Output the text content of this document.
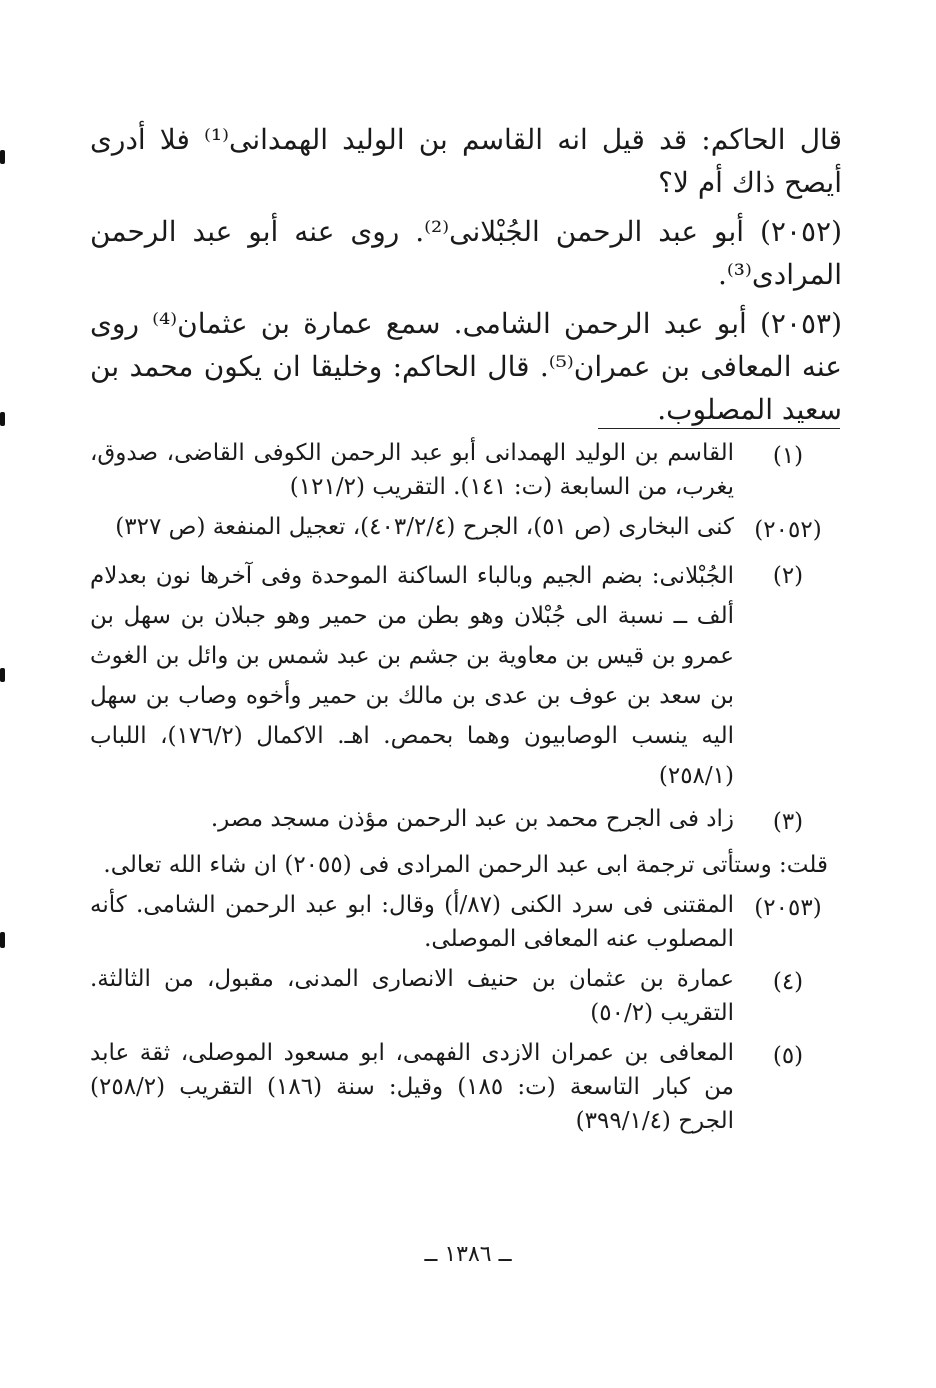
قال الحاكم: قد قيل انه القاسم بن الوليد الهمدانى⁽¹⁾ فلا أدرى أيصح ذاك أم لا؟

(٢٠٥٢) أبو عبد الرحمن الجُبْلانى⁽²⁾. روى عنه أبو عبد الرحمن المرادى⁽³⁾.

(٢٠٥٣) أبو عبد الرحمن الشامى. سمع عمارة بن عثمان⁽⁴⁾ روى عنه المعافى بن عمران⁽⁵⁾. قال الحاكم: وخليقا ان يكون محمد بن سعيد المصلوب.

(١)
القاسم بن الوليد الهمدانى أبو عبد الرحمن الكوفى القاضى، صدوق، يغرب، من السابعة (ت: ١٤١). التقريب (١٢١/٢)
(٢٠٥٢)
كنى البخارى (ص ٥١)، الجرح (٤٠٣/٢/٤)، تعجيل المنفعة (ص ٣٢٧)
(٢)
الجُبْلانى: بضم الجيم وبالباء الساكنة الموحدة وفى آخرها نون بعدلام ألف ــ نسبة الى جُبْلان وهو بطن من حمير وهو جبلان بن سهل بن عمرو بن قيس بن معاوية بن جشم بن عبد شمس بن وائل بن الغوث بن سعد بن عوف بن عدى بن مالك بن حمير وأخوه وصاب بن سهل اليه ينسب الوصابيون وهما بحمص. اهـ. الاكمال (١٧٦/٢)، اللباب (٢٥٨/١)
(٣)
زاد فى الجرح محمد بن عبد الرحمن مؤذن مسجد مصر.
قلت: وستأتى ترجمة ابى عبد الرحمن المرادى فى (٢٠٥٥) ان شاء الله تعالى.
(٢٠٥٣)
المقتنى فى سرد الكنى (٨٧/أ) وقال: ابو عبد الرحمن الشامى. كأنه المصلوب عنه المعافى الموصلى.
(٤)
عمارة بن عثمان بن حنيف الانصارى المدنى، مقبول، من الثالثة. التقريب (٥٠/٢)
(٥)
المعافى بن عمران الازدى الفهمى، ابو مسعود الموصلى، ثقة عابد من كبار التاسعة (ت: ١٨٥) وقيل: سنة (١٨٦) التقريب (٢٥٨/٢) الجرح (٣٩٩/١/٤)
ــ ١٣٨٦ ــ
